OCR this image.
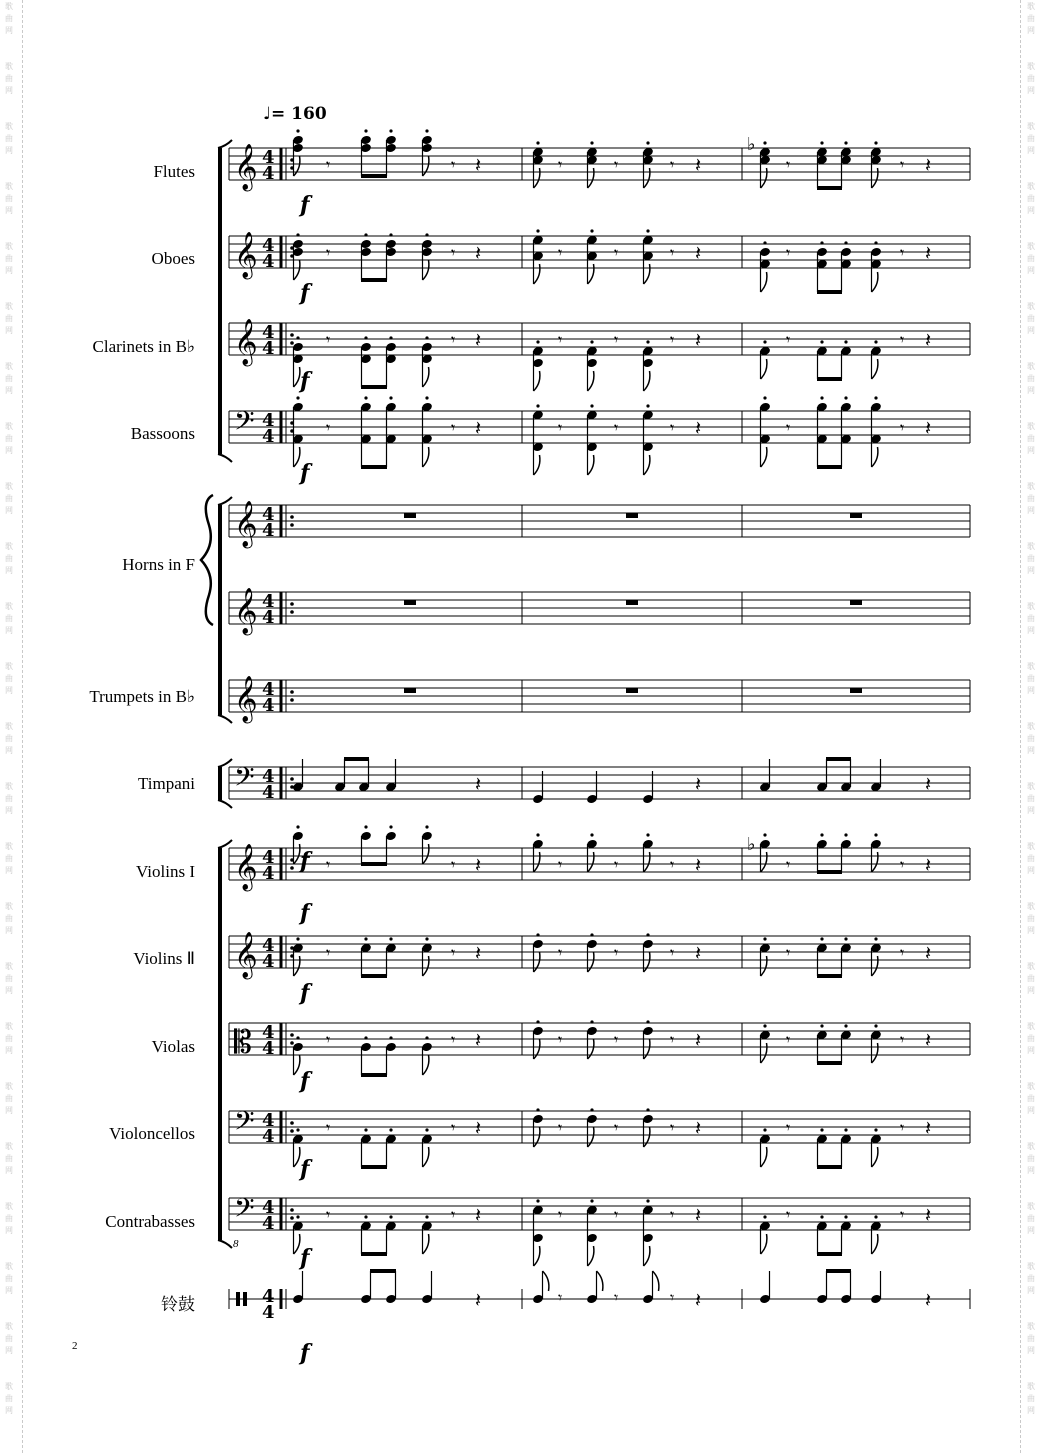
♩= 160
Flutes
Oboes
Clarinets in B♭
Bassoons
Horns in F
Trumpets in B♭
Timpani
Violins I
Violins Ⅱ
Violas
Violoncellos
Contrabasses
铃鼓
8
2
𝄞 4
4
𝄞 4
4
𝄞 4
4
𝄢 4
4
𝄞 4
4
𝄞 4
4
𝄞 4
4
𝄢 4
4
𝄞 4
4
𝄞 4
4
𝄡 4
4
𝄢 4
4
𝄢 4
4
4
4
𝄾	𝄾 𝄽	𝄾	𝄾	𝄾 𝄽	𝄾	𝄾 𝄽
𝄾	𝄾 𝄽	𝄾	𝄾	𝄾 𝄽	𝄾	𝄾 𝄽
𝄾	𝄾 𝄽	𝄾	𝄾	𝄾 𝄽	𝄾	𝄾 𝄽
𝄾	𝄾 𝄽	𝄾	𝄾	𝄾 𝄽	𝄾	𝄾 𝄽
𝄾	𝄾 𝄽	𝄾	𝄾	𝄾 𝄽	𝄾	𝄾 𝄽
𝄾	𝄾 𝄽	𝄾	𝄾	𝄾 𝄽	𝄾	𝄾 𝄽
𝄾	𝄾 𝄽	𝄾	𝄾	𝄾 𝄽	𝄾	𝄾 𝄽
𝄾	𝄾 𝄽	𝄾	𝄾	𝄾 𝄽	𝄾	𝄾 𝄽
𝄾	𝄾 𝄽	𝄾	𝄾	𝄾 𝄽	𝄾	𝄾 𝄽
♭
♭
𝄽	𝄽	𝄽
𝄽	𝄾	𝄾	𝄾 𝄽	𝄽
f
f
f
f
f
f
f
f
f
f
f
歌
曲
网
歌
曲
网
歌
曲
网
歌
曲
网
歌
曲
网
歌
曲
网
歌
曲
网
歌
曲
网
歌
曲
网
歌
曲
网
歌
曲
网
歌
曲
网
歌
曲
网
歌
曲
网
歌
曲
网
歌
曲
网
歌
曲
网
歌
曲
网
歌
曲
网
歌
曲
网
歌
曲
网
歌
曲
网
歌
曲
网
歌
曲
网
歌
曲
网
歌
曲
网
歌
曲
网
歌
曲
网
歌
曲
网
歌
曲
网
歌
曲
网
歌
曲
网
歌
曲
网
歌
曲
网
歌
曲
网
歌
曲
网
歌
曲
网
歌
曲
网
歌
曲
网
歌
曲
网
歌
曲
网
歌
曲
网
歌
曲
网
歌
曲
网
歌
曲
网
歌
曲
网
歌
曲
网
歌
曲
网
